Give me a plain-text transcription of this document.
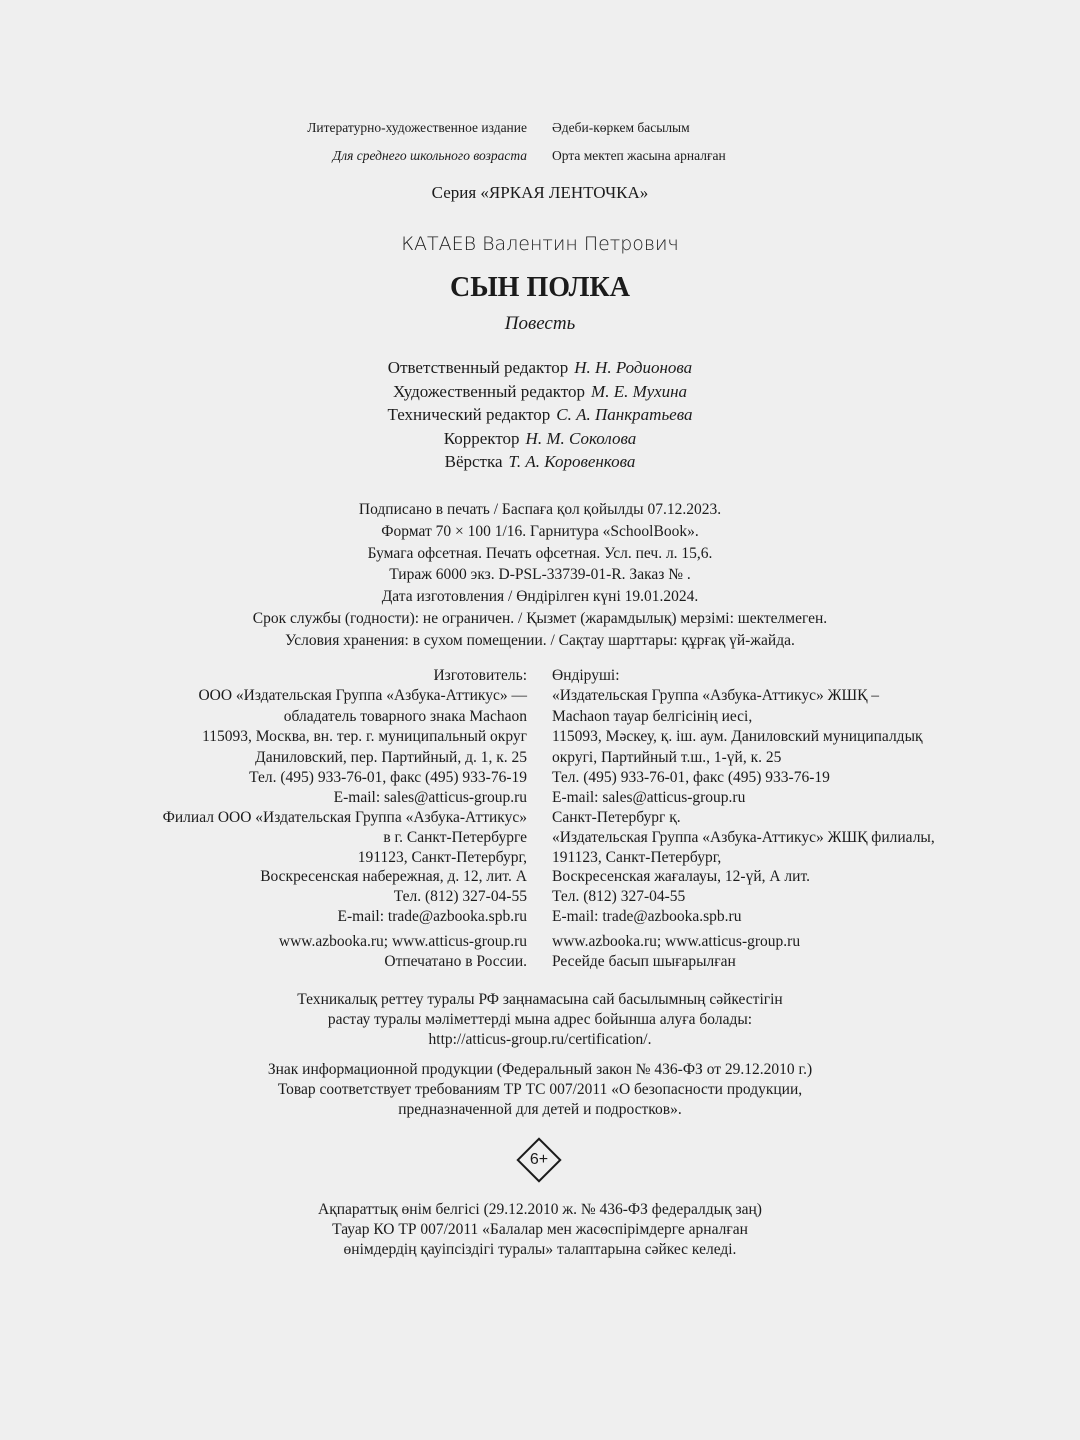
Литературно-художественное издание
Для среднего школьного возраста
Әдеби-көркем басылым
Орта мектеп жасына арналған
Серия «ЯРКАЯ ЛЕНТОЧКА»
КАТАЕВ Валентин Петрович
СЫН ПОЛКА
Повесть
Ответственный редактор Н. Н. Родионова
Художественный редактор М. Е. Мухина
Технический редактор С. А. Панкратьева
Корректор Н. М. Соколова
Вёрстка Т. А. Коровенкова
Подписано в печать / Баспаға қол қойылды 07.12.2023.
Формат 70 × 100 1/16. Гарнитура «SchoolBook».
Бумага офсетная. Печать офсетная. Усл. печ. л. 15,6.
Тираж 6000 экз. D-PSL-33739-01-R. Заказ № .
Дата изготовления / Өндірілген күні 19.01.2024.
Срок службы (годности): не ограничен. / Қызмет (жарамдылық) мерзімі: шектелмеген.
Условия хранения: в сухом помещении. / Сақтау шарттары: құрғақ үй-жайда.
Изготовитель:
ООО «Издательская Группа «Азбука-Аттикус» —
обладатель товарного знака Machaon
115093, Москва, вн. тер. г. муниципальный округ
Даниловский, пер. Партийный, д. 1, к. 25
Тел. (495) 933-76-01, факс (495) 933-76-19
E-mail: sales@atticus-group.ru
Өндіруші:
«Издательская Группа «Азбука-Аттикус» ЖШҚ –
Machaon тауар белгісінің иесі,
115093, Мәскеу, қ. іш. аум. Даниловский муниципалдық
округі, Партийный т.ш., 1-үй, к. 25
Тел. (495) 933-76-01, факс (495) 933-76-19
E-mail: sales@atticus-group.ru
Филиал ООО «Издательская Группа «Азбука-Аттикус»
в г. Санкт-Петербурге
191123, Санкт-Петербург,
Воскресенская набережная, д. 12, лит. А
Тел. (812) 327-04-55
E-mail: trade@azbooka.spb.ru
Санкт-Петербург қ.
«Издательская Группа «Азбука-Аттикус» ЖШҚ филиалы,
191123, Санкт-Петербург,
Воскресенская жағалауы, 12-үй, А лит.
Тел. (812) 327-04-55
E-mail: trade@azbooka.spb.ru
www.azbooka.ru; www.atticus-group.ru
Отпечатано в России.
www.azbooka.ru; www.atticus-group.ru
Ресейде басып шығарылған
Техникалық реттеу туралы РФ заңнамасына сай басылымның сәйкестігін
растау туралы мәліметтерді мына адрес бойынша алуға болады:
http://atticus-group.ru/certification/.
Знак информационной продукции (Федеральный закон № 436-ФЗ от 29.12.2010 г.)
Товар соответствует требованиям ТР ТС 007/2011 «О безопасности продукции,
предназначенной для детей и подростков».
6+
Ақпараттық өнім белгісі (29.12.2010 ж. № 436-ФЗ федералдық заң)
Тауар КО ТР 007/2011 «Балалар мен жасөспірімдерге арналған
өнімдердің қауіпсіздігі туралы» талаптарына сәйкес келеді.
